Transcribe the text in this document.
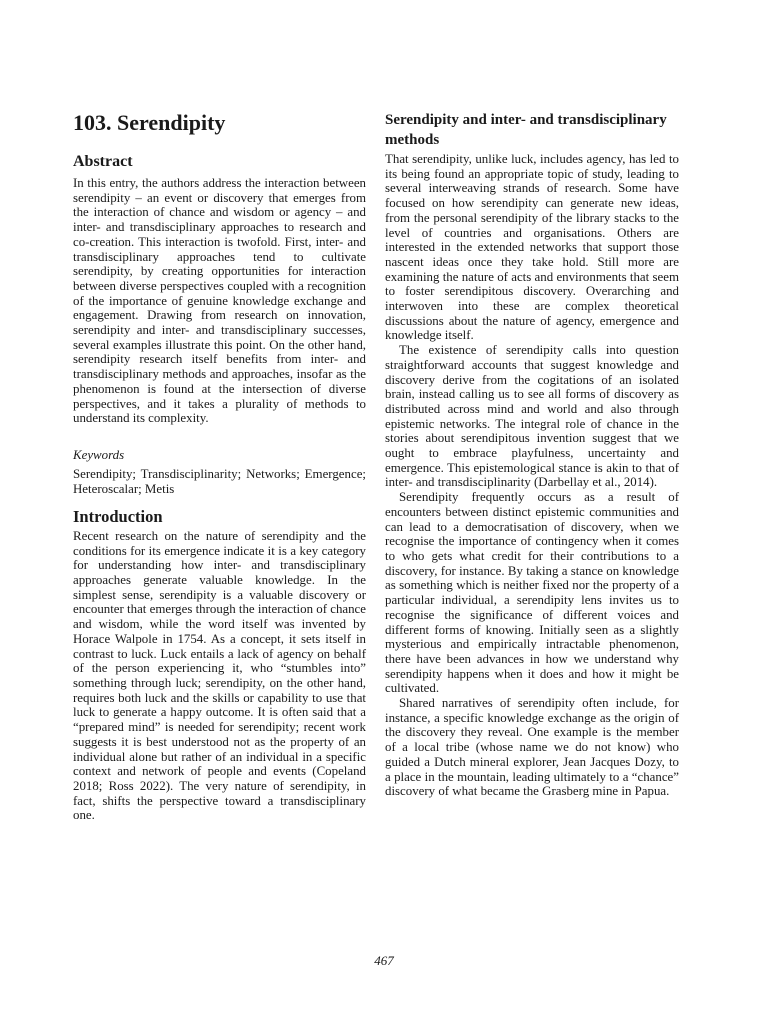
103. Serendipity
Abstract

In this entry, the authors address the interaction between serendipity – an event or discovery that emerges from the interaction of chance and wisdom or agency – and inter- and transdisciplinary approaches to research and co-creation. This interaction is twofold. First, inter- and transdisciplinary approaches tend to cultivate serendipity, by creating opportunities for interaction between diverse perspectives coupled with a recognition of the importance of genuine knowledge exchange and engagement. Drawing from research on innovation, serendipity and inter- and transdisciplinary successes, several examples illustrate this point. On the other hand, serendipity research itself benefits from inter- and transdisciplinary methods and approaches, insofar as the phenomenon is found at the intersection of diverse perspectives, and it takes a plurality of methods to understand its complexity.

Keywords
Serendipity; Transdisciplinarity; Networks; Emergence; Heteroscalar; Metis
Introduction

Recent research on the nature of serendipity and the conditions for its emergence indicate it is a key category for understanding how inter- and transdisciplinary approaches generate valuable knowledge. In the simplest sense, serendipity is a valuable discovery or encounter that emerges through the interaction of chance and wisdom, while the word itself was invented by Horace Walpole in 1754. As a concept, it sets itself in contrast to luck. Luck entails a lack of agency on behalf of the person experiencing it, who “stumbles into” something through luck; serendipity, on the other hand, requires both luck and the skills or capability to use that luck to generate a happy outcome. It is often said that a “prepared mind” is needed for serendipity; recent work suggests it is best understood not as the property of an individual alone but rather of an individual in a specific context and network of people and events (Copeland 2018; Ross 2022). The very nature of serendipity, in fact, shifts the perspective toward a transdisciplinary one.

Serendipity and inter- and transdisciplinary methods

That serendipity, unlike luck, includes agency, has led to its being found an appropriate topic of study, leading to several interweaving strands of research. Some have focused on how serendipity can generate new ideas, from the personal serendipity of the library stacks to the level of countries and organisations. Others are interested in the extended networks that support those nascent ideas once they take hold. Still more are examining the nature of acts and environments that seem to foster serendipitous discovery. Overarching and interwoven into these are complex theoretical discussions about the nature of agency, emergence and knowledge itself.

The existence of serendipity calls into question straightforward accounts that suggest knowledge and discovery derive from the cogitations of an isolated brain, instead calling us to see all forms of discovery as distributed across mind and world and also through epistemic networks. The integral role of chance in the stories about serendipitous invention suggest that we ought to embrace playfulness, uncertainty and emergence. This epistemological stance is akin to that of inter- and transdisciplinarity (Darbellay et al., 2014).

Serendipity frequently occurs as a result of encounters between distinct epistemic communities and can lead to a democratisation of discovery, when we recognise the importance of contingency when it comes to who gets what credit for their contributions to a discovery, for instance. By taking a stance on knowledge as something which is neither fixed nor the property of a particular individual, a serendipity lens invites us to recognise the significance of different voices and different forms of knowing. Initially seen as a slightly mysterious and empirically intractable phenomenon, there have been advances in how we understand why serendipity happens when it does and how it might be cultivated.

Shared narratives of serendipity often include, for instance, a specific knowledge exchange as the origin of the discovery they reveal. One example is the member of a local tribe (whose name we do not know) who guided a Dutch mineral explorer, Jean Jacques Dozy, to a place in the mountain, leading ultimately to a “chance” discovery of what became the Grasberg mine in Papua.

467
